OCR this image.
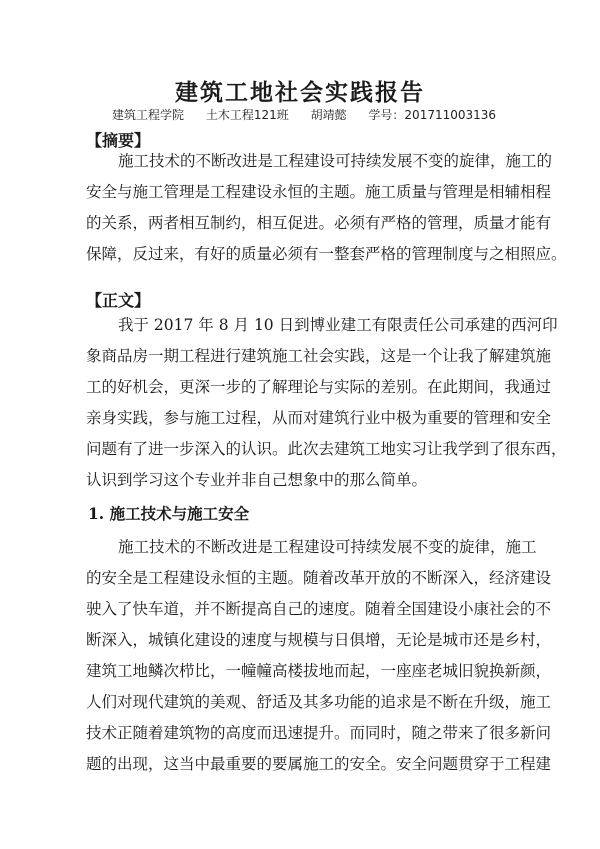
建筑工地社会实践报告
建筑工程学院 土木工程121班 胡靖懿 学号：201711003136
【摘要】
施工技术的不断改进是工程建设可持续发展不变的旋律，施工的
安全与施工管理是工程建设永恒的主题。施工质量与管理是相辅相程
的关系，两者相互制约，相互促进。必须有严格的管理，质量才能有
保障，反过来，有好的质量必须有一整套严格的管理制度与之相照应。
【正文】
我于 2017 年 8 月 10 日到博业建工有限责任公司承建的西河印
象商品房一期工程进行建筑施工社会实践，这是一个让我了解建筑施
工的好机会，更深一步的了解理论与实际的差别。在此期间，我通过
亲身实践，参与施工过程，从而对建筑行业中极为重要的管理和安全
问题有了进一步深入的认识。此次去建筑工地实习让我学到了很东西，
认识到学习这个专业并非自己想象中的那么简单。
1. 施工技术与施工安全
施工技术的不断改进是工程建设可持续发展不变的旋律，施工
的安全是工程建设永恒的主题。随着改革开放的不断深入，经济建设
驶入了快车道，并不断提高自己的速度。随着全国建设小康社会的不
断深入，城镇化建设的速度与规模与日俱增，无论是城市还是乡村，
建筑工地鳞次栉比，一幢幢高楼拔地而起，一座座老城旧貌换新颜，
人们对现代建筑的美观、舒适及其多功能的追求是不断在升级，施工
技术正随着建筑物的高度而迅速提升。而同时，随之带来了很多新问
题的出现，这当中最重要的要属施工的安全。安全问题贯穿于工程建
